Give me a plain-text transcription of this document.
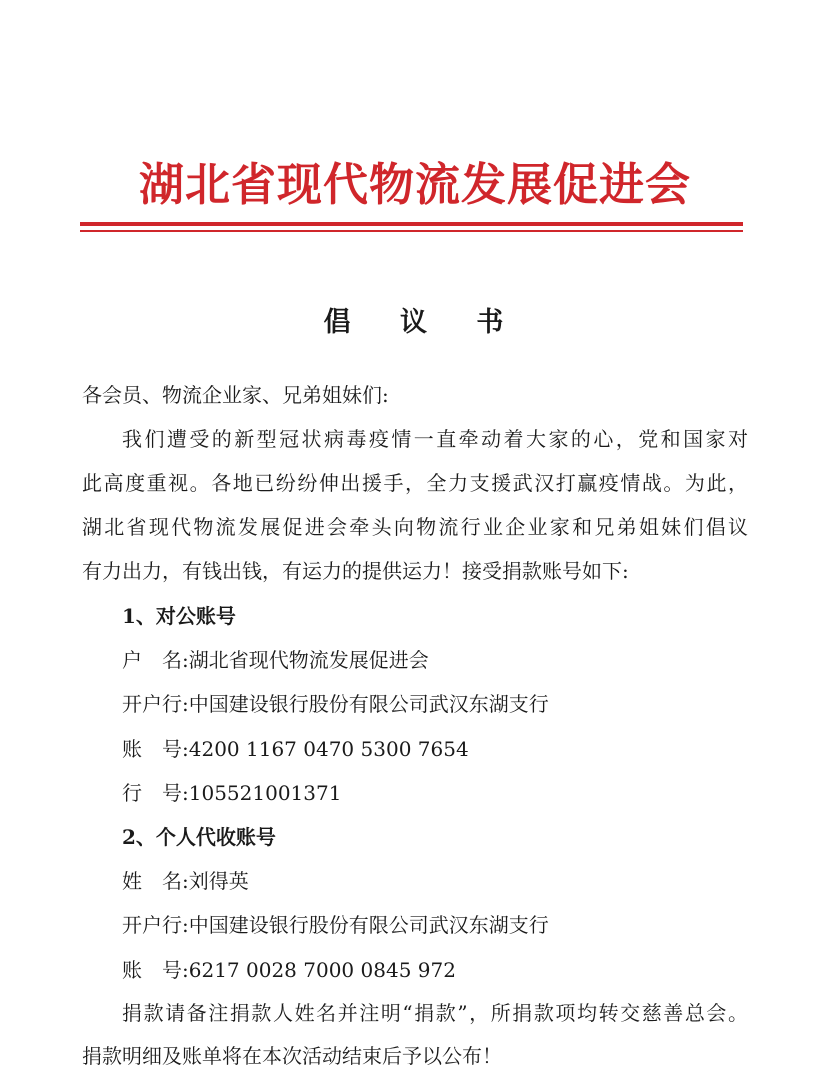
湖北省现代物流发展促进会
倡 议 书
各会员、物流企业家、兄弟姐妹们:
我们遭受的新型冠状病毒疫情一直牵动着大家的心，党和国家对
此高度重视。各地已纷纷伸出援手，全力支援武汉打赢疫情战。为此，
湖北省现代物流发展促进会牵头向物流行业企业家和兄弟姐妹们倡议
有力出力，有钱出钱，有运力的提供运力！接受捐款账号如下:
1、对公账号
户　名:湖北省现代物流发展促进会
开户行:中国建设银行股份有限公司武汉东湖支行
账　号:4200 1167 0470 5300 7654
行　号:105521001371
2、个人代收账号
姓　名:刘得英
开户行:中国建设银行股份有限公司武汉东湖支行
账　号:6217 0028 7000 0845 972
捐款请备注捐款人姓名并注明“捐款”，所捐款项均转交慈善总会。
捐款明细及账单将在本次活动结束后予以公布！
